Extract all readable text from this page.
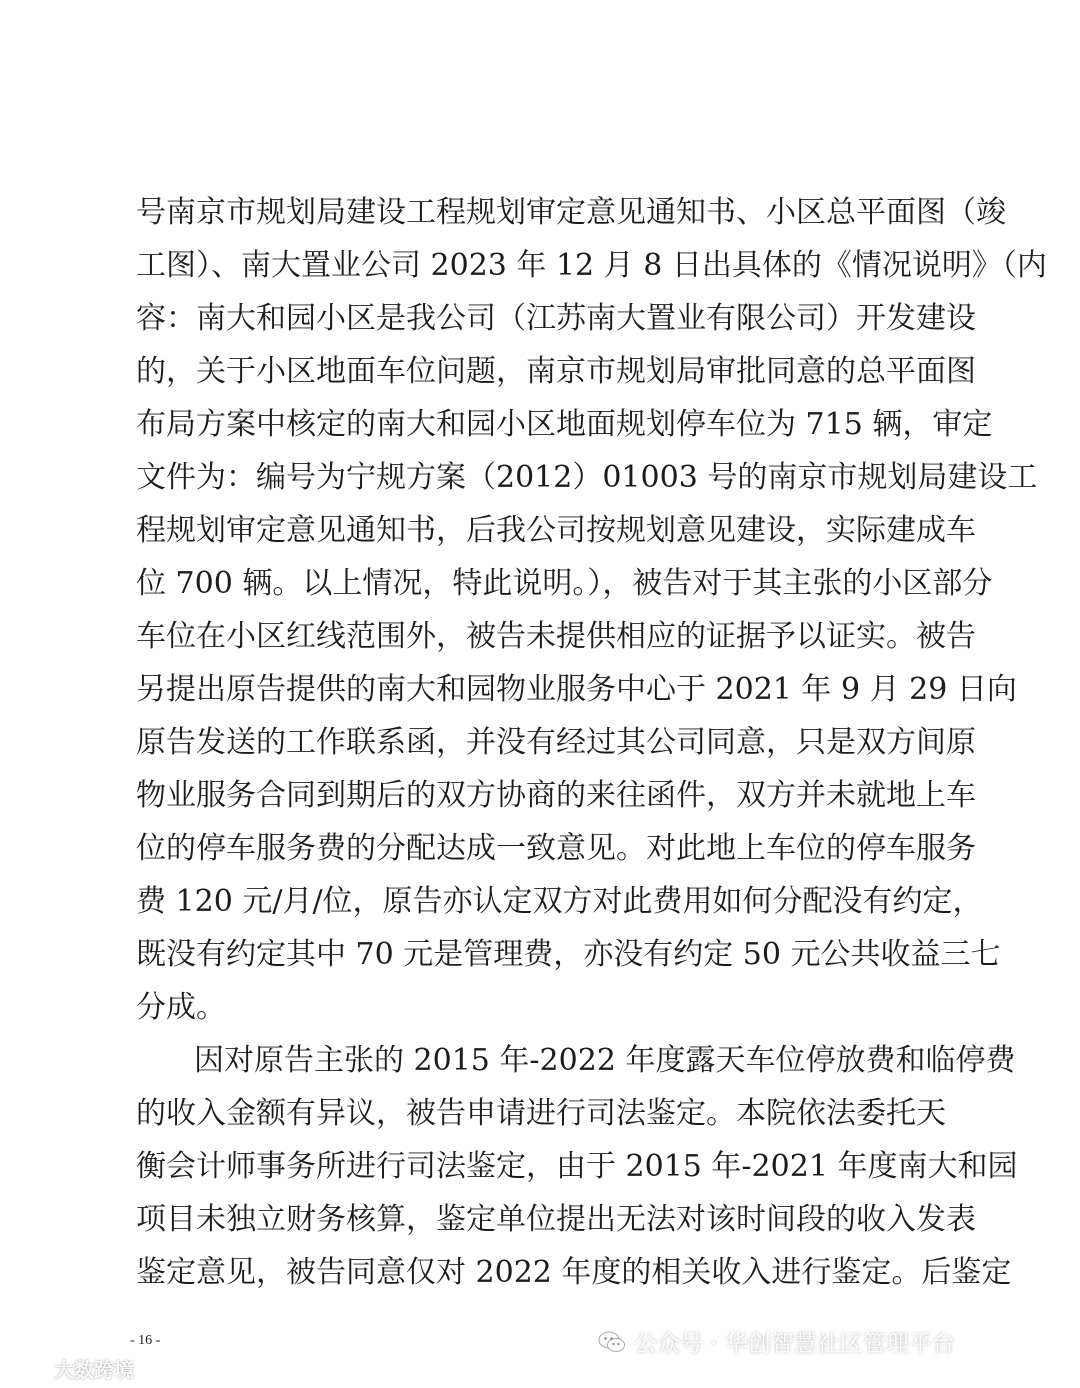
号南京市规划局建设工程规划审定意见通知书、小区总平面图（竣
工图）、南大置业公司 2023 年 12 月 8 日出具体的《情况说明》（内
容：南大和园小区是我公司（江苏南大置业有限公司）开发建设
的，关于小区地面车位问题，南京市规划局审批同意的总平面图
布局方案中核定的南大和园小区地面规划停车位为 715 辆，审定
文件为：编号为宁规方案（2012）01003 号的南京市规划局建设工
程规划审定意见通知书，后我公司按规划意见建设，实际建成车
位 700 辆。以上情况，特此说明。），被告对于其主张的小区部分
车位在小区红线范围外，被告未提供相应的证据予以证实。被告
另提出原告提供的南大和园物业服务中心于 2021 年 9 月 29 日向
原告发送的工作联系函，并没有经过其公司同意，只是双方间原
物业服务合同到期后的双方协商的来往函件，双方并未就地上车
位的停车服务费的分配达成一致意见。对此地上车位的停车服务
费 120 元/月/位，原告亦认定双方对此费用如何分配没有约定，
既没有约定其中 70 元是管理费，亦没有约定 50 元公共收益三七
分成。
因对原告主张的 2015 年-2022 年度露天车位停放费和临停费
的收入金额有异议，被告申请进行司法鉴定。本院依法委托天
衡会计师事务所进行司法鉴定，由于 2015 年-2021 年度南大和园
项目未独立财务核算，鉴定单位提出无法对该时间段的收入发表
鉴定意见，被告同意仅对 2022 年度的相关收入进行鉴定。后鉴定
- 16 -	公众号 · 华创智慧社区管理平台
大数跨境
